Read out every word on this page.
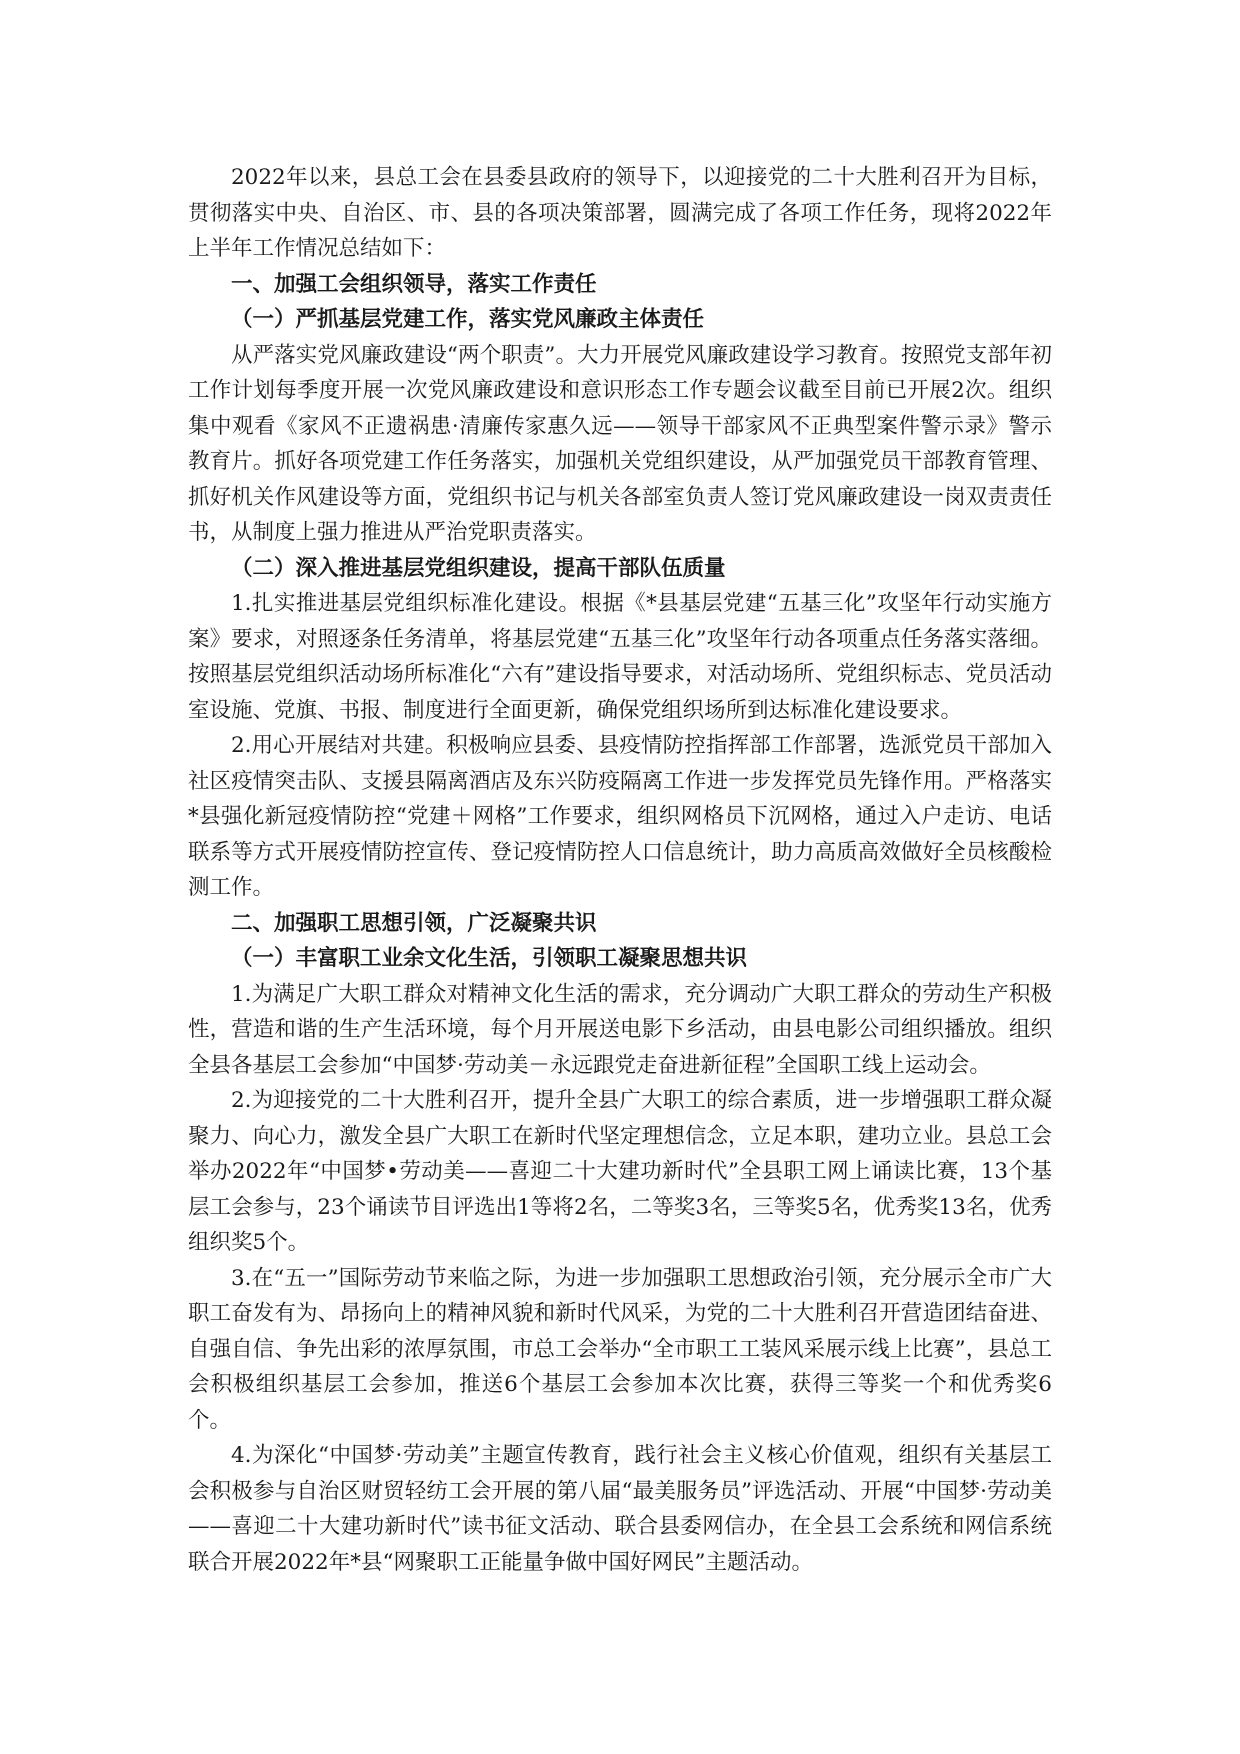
2022年以来，县总工会在县委县政府的领导下，以迎接党的二十大胜利召开为目标，贯彻落实中央、自治区、市、县的各项决策部署，圆满完成了各项工作任务，现将2022年上半年工作情况总结如下：

一、加强工会组织领导，落实工作责任
（一）严抓基层党建工作，落实党风廉政主体责任

从严落实党风廉政建设“两个职责”。大力开展党风廉政建设学习教育。按照党支部年初工作计划每季度开展一次党风廉政建设和意识形态工作专题会议截至目前已开展2次。组织集中观看《家风不正遗祸患·清廉传家惠久远——领导干部家风不正典型案件警示录》警示教育片。抓好各项党建工作任务落实，加强机关党组织建设，从严加强党员干部教育管理、抓好机关作风建设等方面，党组织书记与机关各部室负责人签订党风廉政建设一岗双责责任书，从制度上强力推进从严治党职责落实。

（二）深入推进基层党组织建设，提高干部队伍质量

1.扎实推进基层党组织标准化建设。根据《*县基层党建“五基三化”攻坚年行动实施方案》要求，对照逐条任务清单，将基层党建“五基三化”攻坚年行动各项重点任务落实落细。按照基层党组织活动场所标准化“六有”建设指导要求，对活动场所、党组织标志、党员活动室设施、党旗、书报、制度进行全面更新，确保党组织场所到达标准化建设要求。

2.用心开展结对共建。积极响应县委、县疫情防控指挥部工作部署，选派党员干部加入社区疫情突击队、支援县隔离酒店及东兴防疫隔离工作进一步发挥党员先锋作用。严格落实*县强化新冠疫情防控“党建＋网格”工作要求，组织网格员下沉网格，通过入户走访、电话联系等方式开展疫情防控宣传、登记疫情防控人口信息统计，助力高质高效做好全员核酸检测工作。

二、加强职工思想引领，广泛凝聚共识
（一）丰富职工业余文化生活，引领职工凝聚思想共识

1.为满足广大职工群众对精神文化生活的需求，充分调动广大职工群众的劳动生产积极性，营造和谐的生产生活环境，每个月开展送电影下乡活动，由县电影公司组织播放。组织全县各基层工会参加“中国梦·劳动美－永远跟党走奋进新征程”全国职工线上运动会。

2.为迎接党的二十大胜利召开，提升全县广大职工的综合素质，进一步增强职工群众凝聚力、向心力，激发全县广大职工在新时代坚定理想信念，立足本职，建功立业。县总工会举办2022年“中国梦•劳动美——喜迎二十大建功新时代”全县职工网上诵读比赛，13个基层工会参与，23个诵读节目评选出1等将2名，二等奖3名，三等奖5名，优秀奖13名，优秀组织奖5个。

3.在“五一”国际劳动节来临之际，为进一步加强职工思想政治引领，充分展示全市广大职工奋发有为、昂扬向上的精神风貌和新时代风采，为党的二十大胜利召开营造团结奋进、自强自信、争先出彩的浓厚氛围，市总工会举办“全市职工工装风采展示线上比赛”，县总工会积极组织基层工会参加，推送6个基层工会参加本次比赛，获得三等奖一个和优秀奖6个。

4.为深化“中国梦·劳动美”主题宣传教育，践行社会主义核心价值观，组织有关基层工会积极参与自治区财贸轻纺工会开展的第八届“最美服务员”评选活动、开展“中国梦·劳动美——喜迎二十大建功新时代”读书征文活动、联合县委网信办，在全县工会系统和网信系统联合开展2022年*县“网聚职工正能量争做中国好网民”主题活动。
